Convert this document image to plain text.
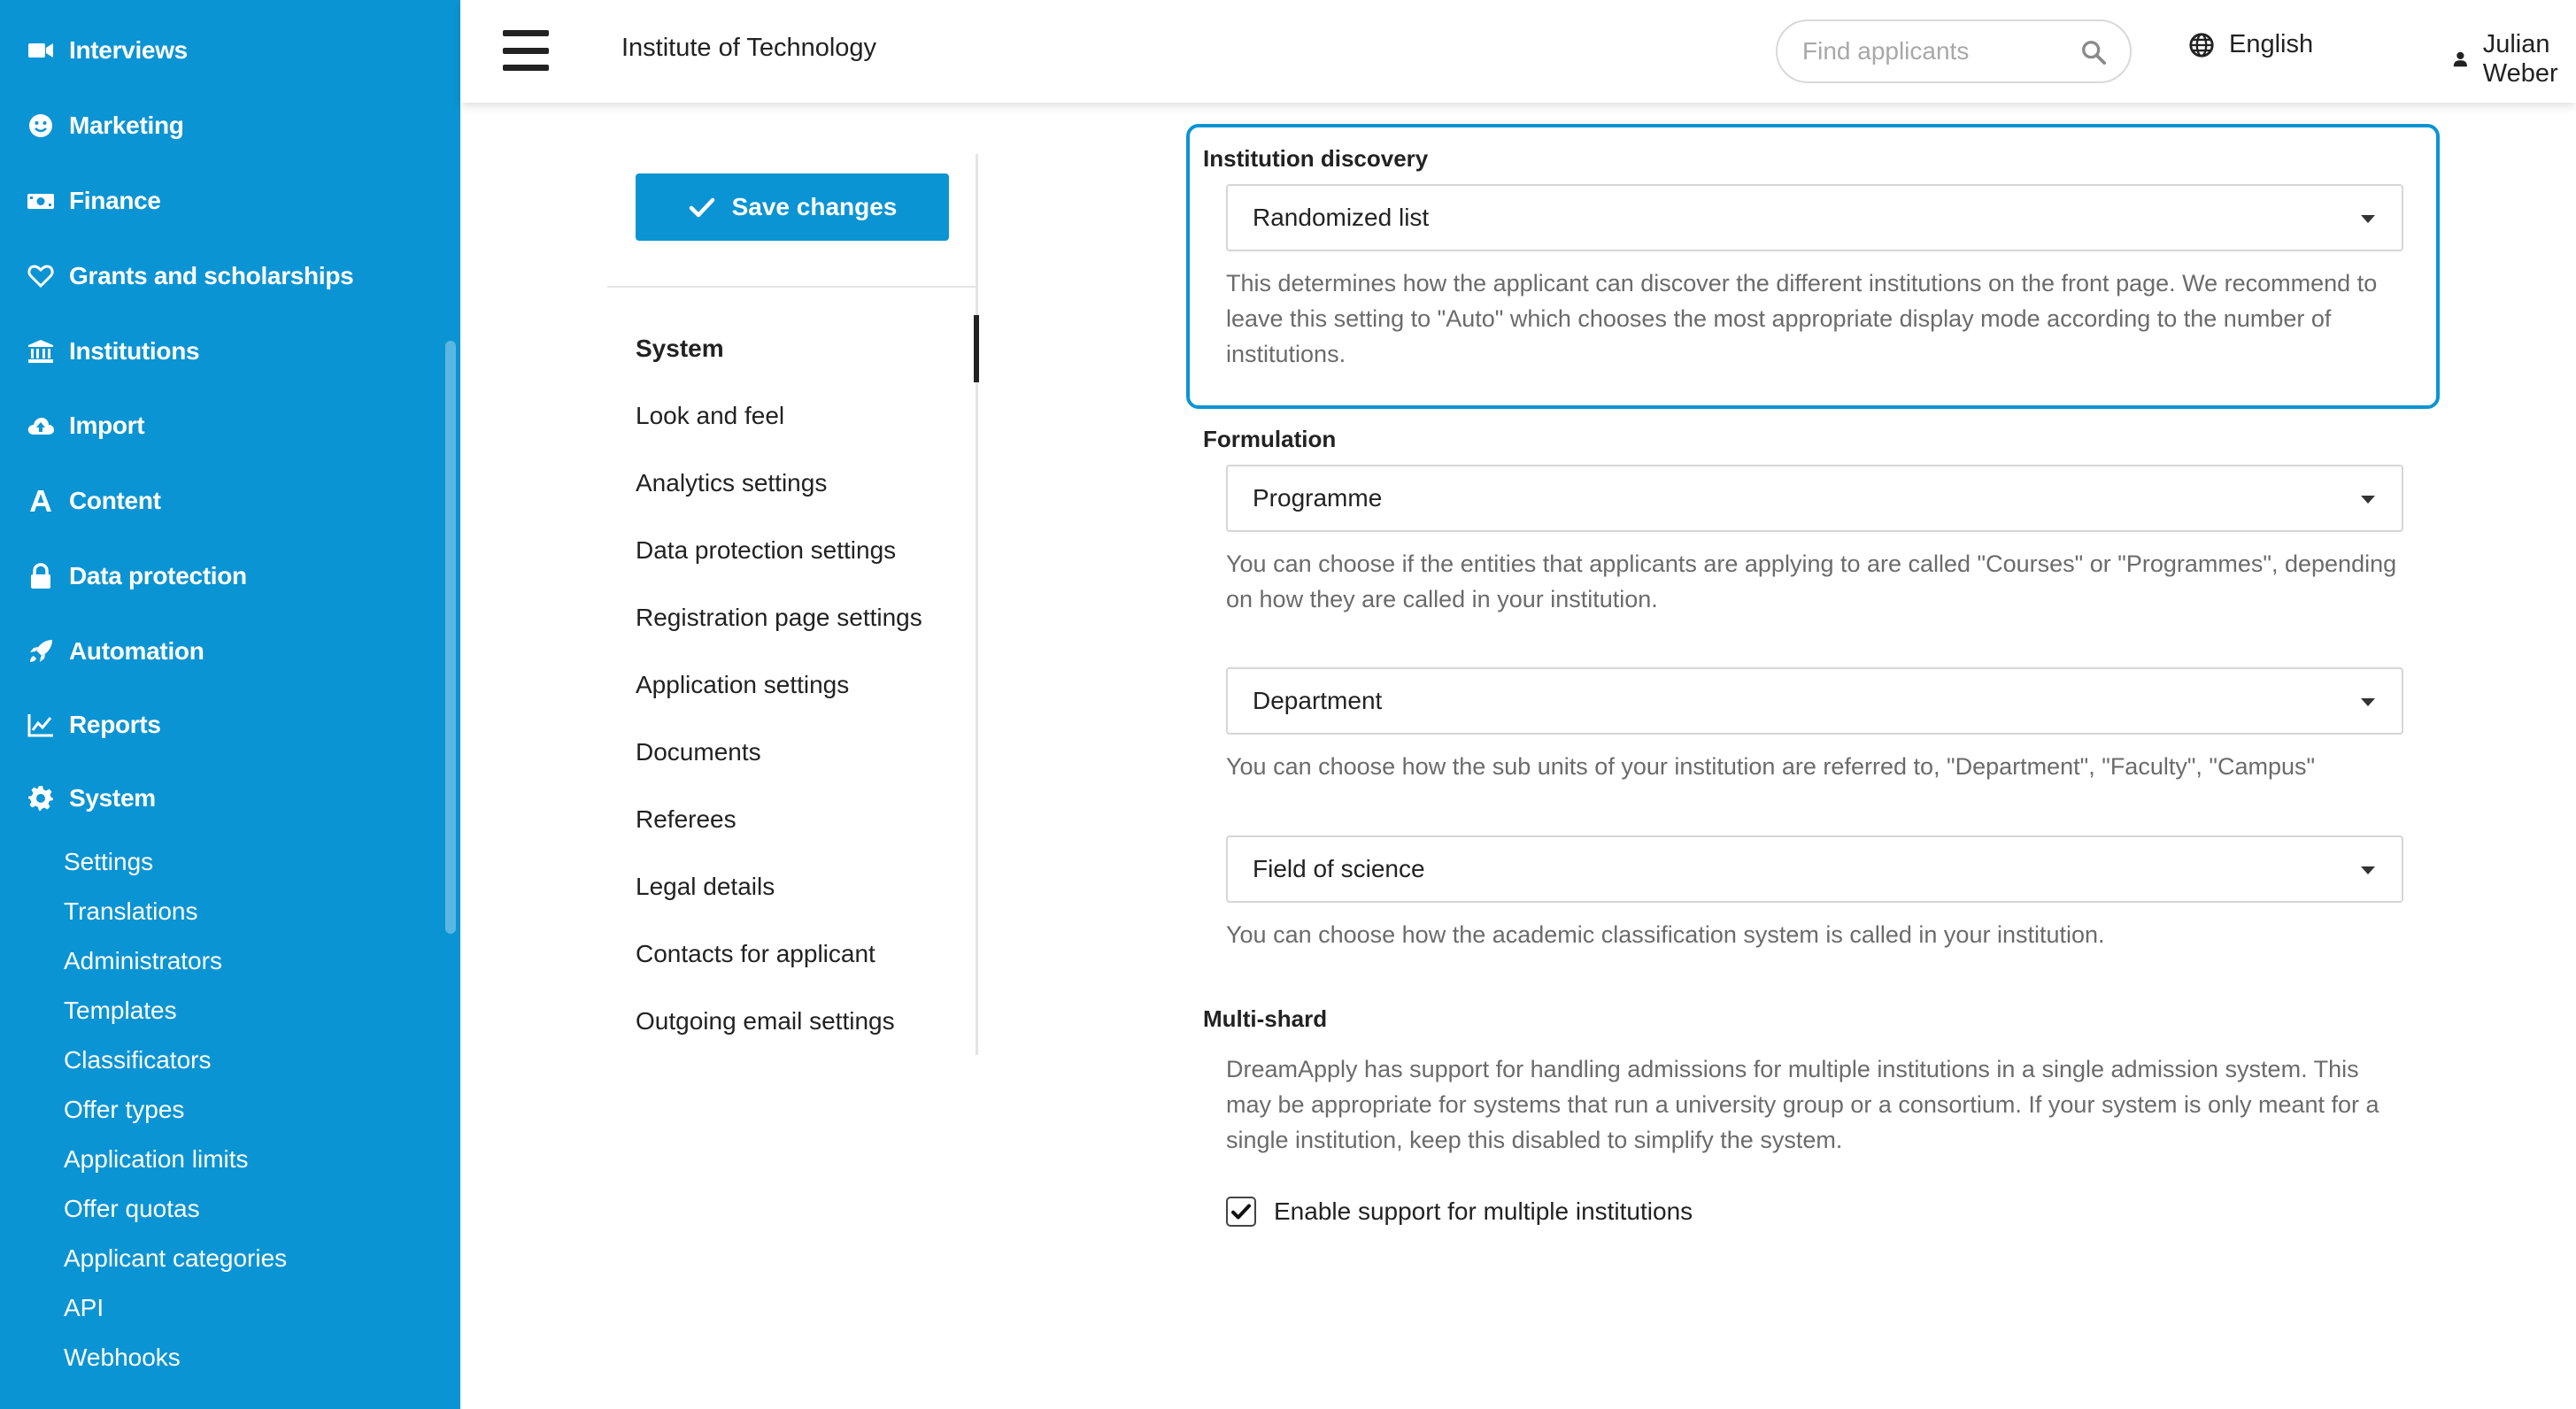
Interviews
Marketing
Finance
Grants and scholarships
Institutions
Import
Content
Data protection
Automation
Reports
System
Settings
Translations
Administrators
Templates
Classificators
Offer types
Application limits
Offer quotas
Applicant categories
API
Webhooks
Institute of Technology
Find applicants	English	Julian Weber
Save changes
System
Look and feel
Analytics settings
Data protection settings
Registration page settings
Application settings
Documents
Referees
Legal details
Contacts for applicant
Outgoing email settings
Institution discovery
Randomized list
This determines how the applicant can discover the different institutions on the front page. We recommend to leave this setting to "Auto" which chooses the most appropriate display mode according to the number of institutions.
Formulation
Programme
You can choose if the entities that applicants are applying to are called "Courses" or "Programmes", depending on how they are called in your institution.
Department
You can choose how the sub units of your institution are referred to, "Department", "Faculty", "Campus"
Field of science
You can choose how the academic classification system is called in your institution.
Multi-shard
DreamApply has support for handling admissions for multiple institutions in a single admission system. This may be appropriate for systems that run a university group or a consortium. If your system is only meant for a single institution, keep this disabled to simplify the system.
Enable support for multiple institutions
